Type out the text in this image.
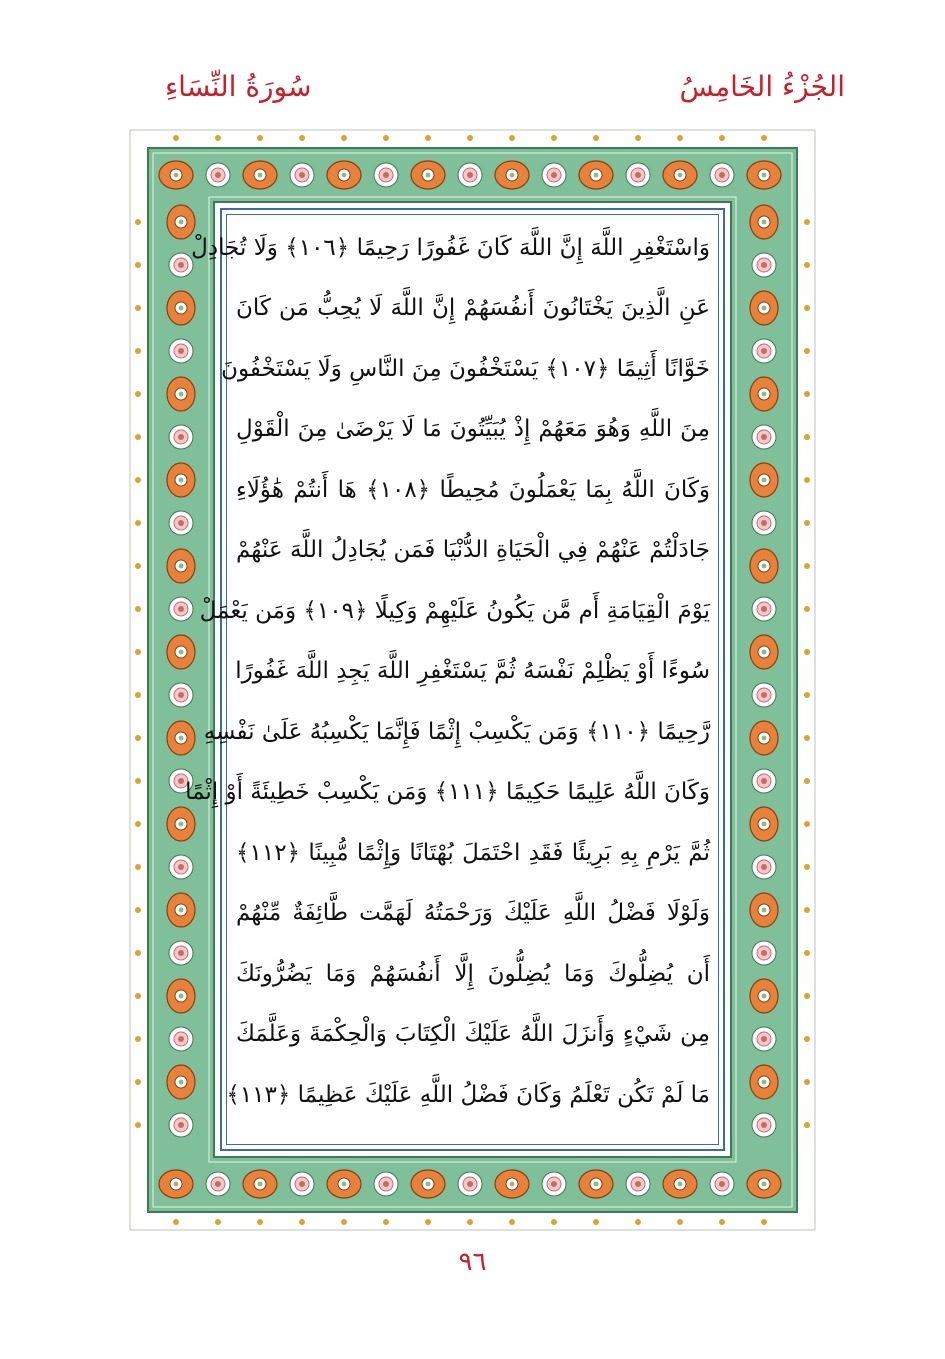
الجُزْءُ الخَامِسُ
سُورَةُ النِّسَاءِ
وَاسْتَغْفِرِ اللَّهَ إِنَّ اللَّهَ كَانَ غَفُورًا رَحِيمًا ﴿١٠٦﴾ وَلَا تُجَادِلْ
عَنِ الَّذِينَ يَخْتَانُونَ أَنفُسَهُمْ إِنَّ اللَّهَ لَا يُحِبُّ مَن كَانَ
خَوَّانًا أَثِيمًا ﴿١٠٧﴾ يَسْتَخْفُونَ مِنَ النَّاسِ وَلَا يَسْتَخْفُونَ
مِنَ اللَّهِ وَهُوَ مَعَهُمْ إِذْ يُبَيِّتُونَ مَا لَا يَرْضَىٰ مِنَ الْقَوْلِ
وَكَانَ اللَّهُ بِمَا يَعْمَلُونَ مُحِيطًا ﴿١٠٨﴾ هَا أَنتُمْ هَٰؤُلَاءِ
جَادَلْتُمْ عَنْهُمْ فِي الْحَيَاةِ الدُّنْيَا فَمَن يُجَادِلُ اللَّهَ عَنْهُمْ
يَوْمَ الْقِيَامَةِ أَم مَّن يَكُونُ عَلَيْهِمْ وَكِيلًا ﴿١٠٩﴾ وَمَن يَعْمَلْ
سُوءًا أَوْ يَظْلِمْ نَفْسَهُ ثُمَّ يَسْتَغْفِرِ اللَّهَ يَجِدِ اللَّهَ غَفُورًا
رَّحِيمًا ﴿١١٠﴾ وَمَن يَكْسِبْ إِثْمًا فَإِنَّمَا يَكْسِبُهُ عَلَىٰ نَفْسِهِ
وَكَانَ اللَّهُ عَلِيمًا حَكِيمًا ﴿١١١﴾ وَمَن يَكْسِبْ خَطِيئَةً أَوْ إِثْمًا
ثُمَّ يَرْمِ بِهِ بَرِيئًا فَقَدِ احْتَمَلَ بُهْتَانًا وَإِثْمًا مُّبِينًا ﴿١١٢﴾
وَلَوْلَا فَضْلُ اللَّهِ عَلَيْكَ وَرَحْمَتُهُ لَهَمَّت طَّائِفَةٌ مِّنْهُمْ
أَن يُضِلُّوكَ وَمَا يُضِلُّونَ إِلَّا أَنفُسَهُمْ وَمَا يَضُرُّونَكَ
مِن شَيْءٍ وَأَنزَلَ اللَّهُ عَلَيْكَ الْكِتَابَ وَالْحِكْمَةَ وَعَلَّمَكَ
مَا لَمْ تَكُن تَعْلَمُ وَكَانَ فَضْلُ اللَّهِ عَلَيْكَ عَظِيمًا ﴿١١٣﴾
٩٦
